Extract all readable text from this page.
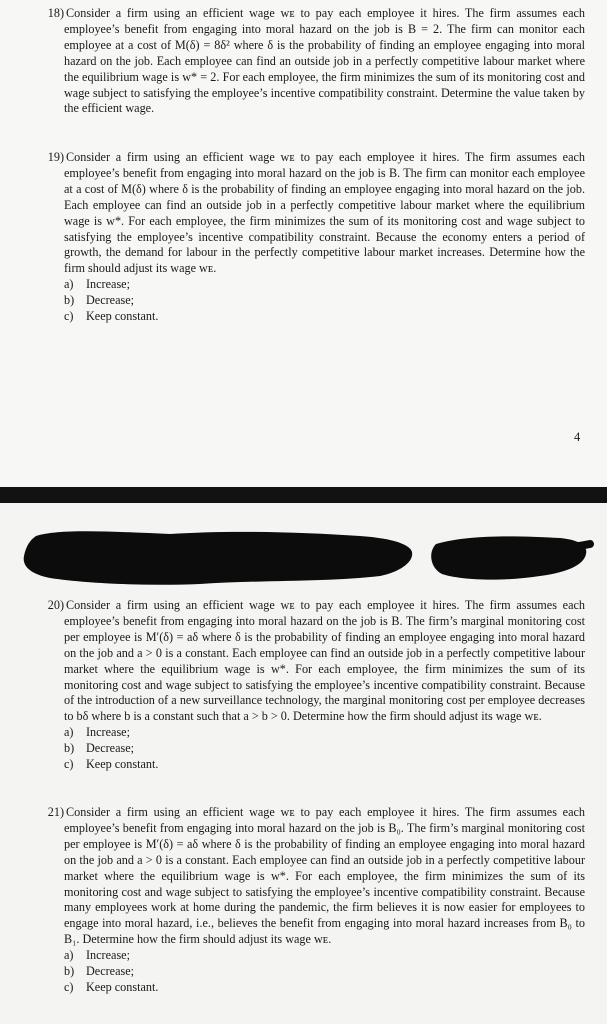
18) Consider a firm using an efficient wage wᴇ to pay each employee it hires. The firm assumes each employee’s benefit from engaging into moral hazard on the job is B = 2. The firm can monitor each employee at a cost of M(δ) = 8δ² where δ is the probability of finding an employee engaging into moral hazard on the job. Each employee can find an outside job in a perfectly competitive labour market where the equilibrium wage is w* = 2. For each employee, the firm minimizes the sum of its monitoring cost and wage subject to satisfying the employee’s incentive compatibility constraint. Determine the value taken by the efficient wage.

19) Consider a firm using an efficient wage wᴇ to pay each employee it hires. The firm assumes each employee’s benefit from engaging into moral hazard on the job is B. The firm can monitor each employee at a cost of M(δ) where δ is the probability of finding an employee engaging into moral hazard on the job. Each employee can find an outside job in a perfectly competitive labour market where the equilibrium wage is w*. For each employee, the firm minimizes the sum of its monitoring cost and wage subject to satisfying the employee’s incentive compatibility constraint. Because the economy enters a period of growth, the demand for labour in the perfectly competitive labour market increases. Determine how the firm should adjust its wage wᴇ.

a) Increase;
b) Decrease;
c) Keep constant.
4
20) Consider a firm using an efficient wage wᴇ to pay each employee it hires. The firm assumes each employee’s benefit from engaging into moral hazard on the job is B. The firm’s marginal monitoring cost per employee is M′(δ) = aδ where δ is the probability of finding an employee engaging into moral hazard on the job and a > 0 is a constant. Each employee can find an outside job in a perfectly competitive labour market where the equilibrium wage is w*. For each employee, the firm minimizes the sum of its monitoring cost and wage subject to satisfying the employee’s incentive compatibility constraint. Because of the introduction of a new surveillance technology, the marginal monitoring cost per employee decreases to bδ where b is a constant such that a > b > 0. Determine how the firm should adjust its wage wᴇ.

a) Increase;
b) Decrease;
c) Keep constant.
21) Consider a firm using an efficient wage wᴇ to pay each employee it hires. The firm assumes each employee’s benefit from engaging into moral hazard on the job is B₀. The firm’s marginal monitoring cost per employee is M′(δ) = aδ where δ is the probability of finding an employee engaging into moral hazard on the job and a > 0 is a constant. Each employee can find an outside job in a perfectly competitive labour market where the equilibrium wage is w*. For each employee, the firm minimizes the sum of its monitoring cost and wage subject to satisfying the employee’s incentive compatibility constraint. Because many employees work at home during the pandemic, the firm believes it is now easier for employees to engage into moral hazard, i.e., believes the benefit from engaging into moral hazard increases from B₀ to B₁. Determine how the firm should adjust its wage wᴇ.

a) Increase;
b) Decrease;
c) Keep constant.
